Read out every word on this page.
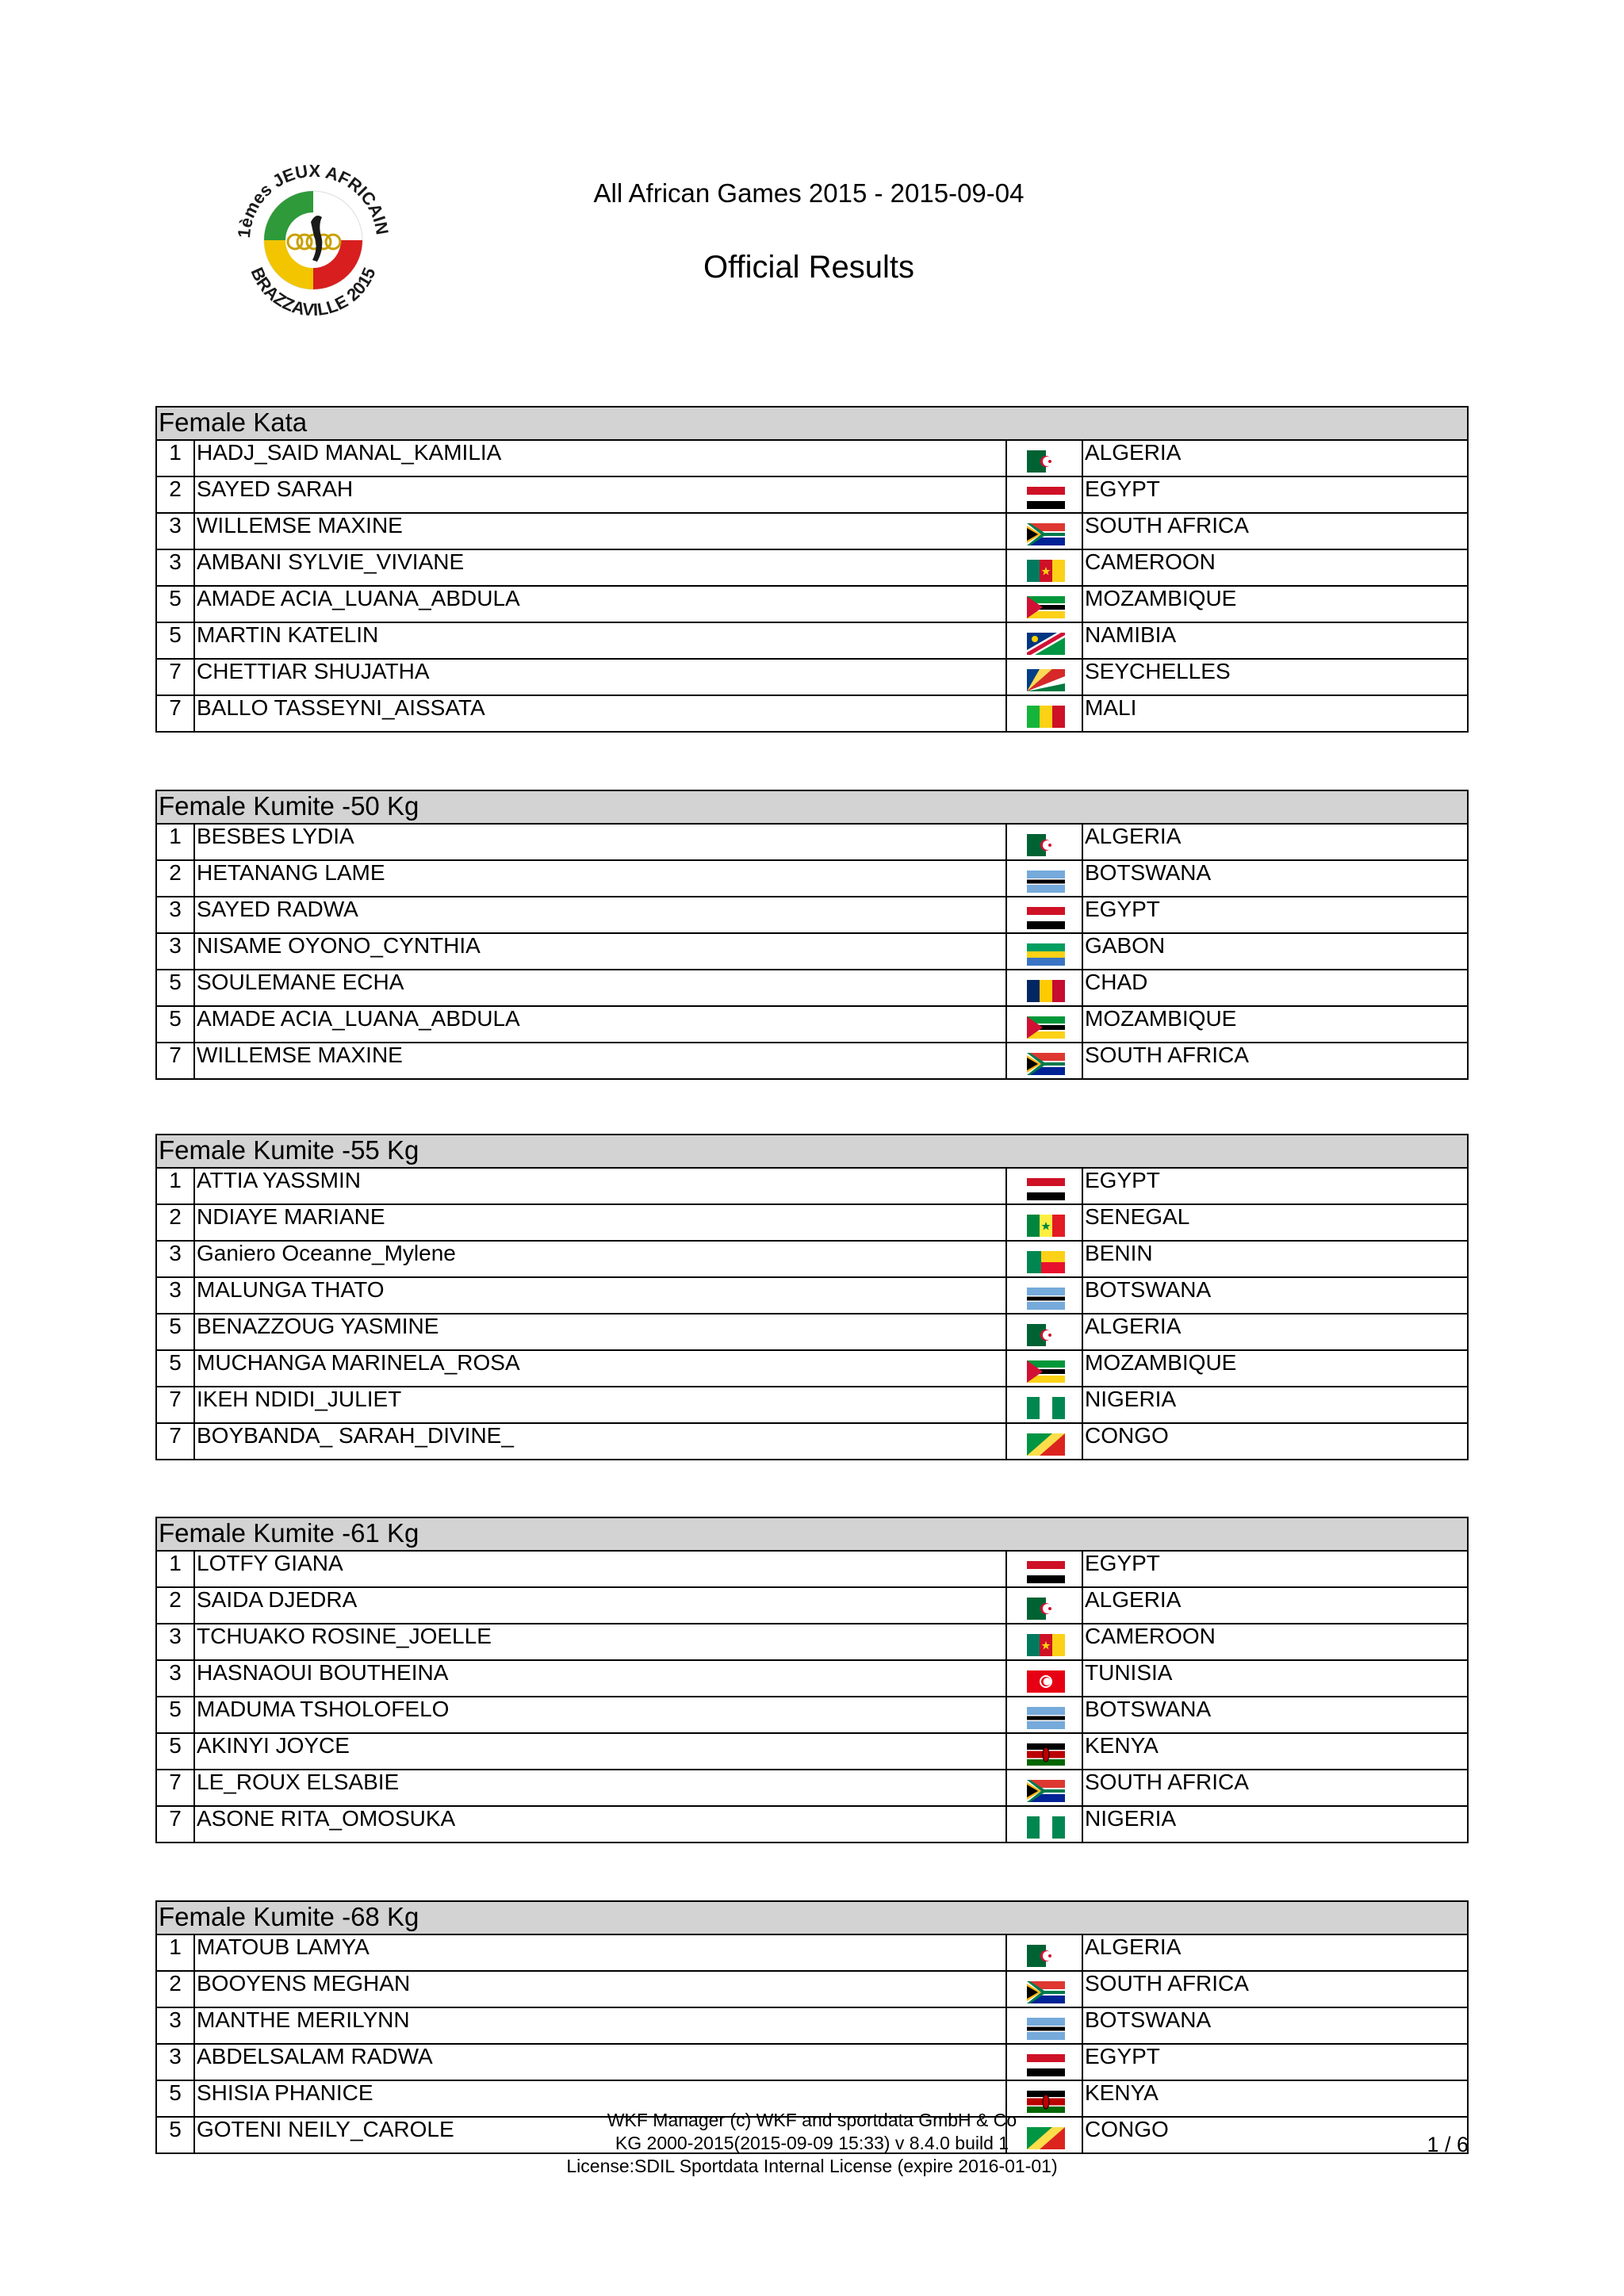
1èmes JEUX AFRICAIN
BRAZZAVILLE 2015
All African Games 2015 - 2015-09-04
Official Results
Female Kata
1 HADJ_SAID MANAL_KAMILIA	ALGERIA
2 SAYED SARAH	EGYPT
3 WILLEMSE MAXINE	SOUTH AFRICA
3 AMBANI SYLVIE_VIVIANE	CAMEROON
5 AMADE ACIA_LUANA_ABDULA	MOZAMBIQUE
5 MARTIN KATELIN	NAMIBIA
7 CHETTIAR SHUJATHA	SEYCHELLES
7 BALLO TASSEYNI_AISSATA	MALI
Female Kumite -50 Kg
1 BESBES LYDIA	ALGERIA
2 HETANANG LAME	BOTSWANA
3 SAYED RADWA	EGYPT
3 NISAME OYONO_CYNTHIA	GABON
5 SOULEMANE ECHA	CHAD
5 AMADE ACIA_LUANA_ABDULA	MOZAMBIQUE
7 WILLEMSE MAXINE	SOUTH AFRICA
Female Kumite -55 Kg
1 ATTIA YASSMIN	EGYPT
2 NDIAYE MARIANE	SENEGAL
3 Ganiero Oceanne_Mylene	BENIN
3 MALUNGA THATO	BOTSWANA
5 BENAZZOUG YASMINE	ALGERIA
5 MUCHANGA MARINELA_ROSA	MOZAMBIQUE
7 IKEH NDIDI_JULIET	NIGERIA
7 BOYBANDA_ SARAH_DIVINE_	CONGO
Female Kumite -61 Kg
1 LOTFY GIANA	EGYPT
2 SAIDA DJEDRA	ALGERIA
3 TCHUAKO ROSINE_JOELLE	CAMEROON
3 HASNAOUI BOUTHEINA	TUNISIA
5 MADUMA TSHOLOFELO	BOTSWANA
5 AKINYI JOYCE	KENYA
7 LE_ROUX ELSABIE	SOUTH AFRICA
7 ASONE RITA_OMOSUKA	NIGERIA
Female Kumite -68 Kg
1 MATOUB LAMYA	ALGERIA
2 BOOYENS MEGHAN	SOUTH AFRICA
3 MANTHE MERILYNN	BOTSWANA
3 ABDELSALAM RADWA	EGYPT
5 SHISIA PHANICE	KENYA
5 GOTENI NEILY_CAROLE	CONGO
WKF Manager (c) WKF and sportdata GmbH & Co
KG 2000-2015(2015-09-09 15:33) v 8.4.0 build 1
License:SDIL Sportdata Internal License (expire 2016-01-01)
1 / 6
